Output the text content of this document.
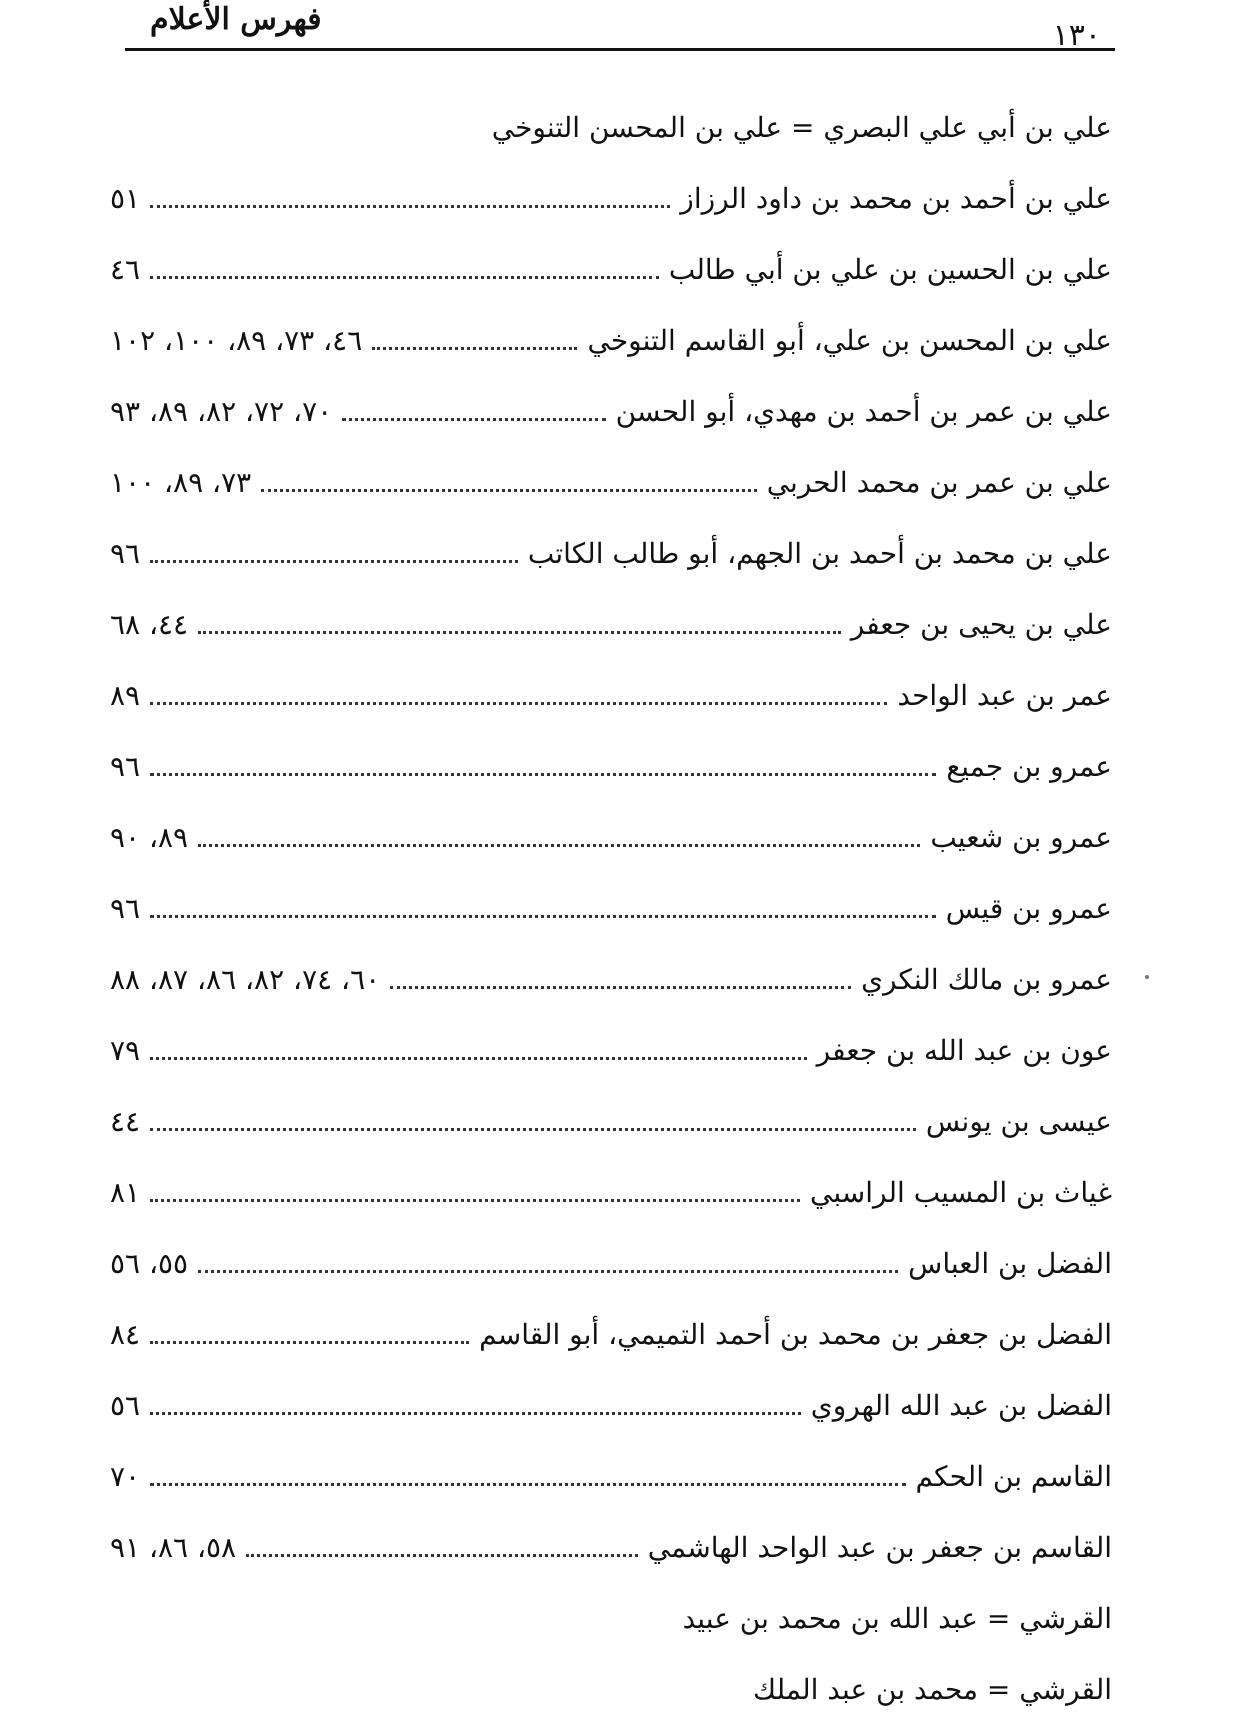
فهرس الأعلام	١٣٠
علي بن أبي علي البصري = علي بن المحسن التنوخي
علي بن أحمد بن محمد بن داود الرزاز
٥١
علي بن الحسين بن علي بن أبي طالب
٤٦
علي بن المحسن بن علي، أبو القاسم التنوخي
٤٦، ٧٣، ٨٩، ١٠٠، ١٠٢
علي بن عمر بن أحمد بن مهدي، أبو الحسن
٧٠، ٧٢، ٨٢، ٨٩، ٩٣
علي بن عمر بن محمد الحربي
٧٣، ٨٩، ١٠٠
علي بن محمد بن أحمد بن الجهم، أبو طالب الكاتب
٩٦
علي بن يحيى بن جعفر
٤٤، ٦٨
عمر بن عبد الواحد
٨٩
عمرو بن جميع
٩٦
عمرو بن شعيب
٨٩، ٩٠
عمرو بن قيس
٩٦
عمرو بن مالك النكري
٦٠، ٧٤، ٨٢، ٨٦، ٨٧، ٨٨
عون بن عبد الله بن جعفر
٧٩
عيسى بن يونس
٤٤
غياث بن المسيب الراسبي
٨١
الفضل بن العباس
٥٥، ٥٦
الفضل بن جعفر بن محمد بن أحمد التميمي، أبو القاسم
٨٤
الفضل بن عبد الله الهروي
٥٦
القاسم بن الحكم
٧٠
القاسم بن جعفر بن عبد الواحد الهاشمي
٥٨، ٨٦، ٩١
القرشي = عبد الله بن محمد بن عبيد
القرشي = محمد بن عبد الملك
